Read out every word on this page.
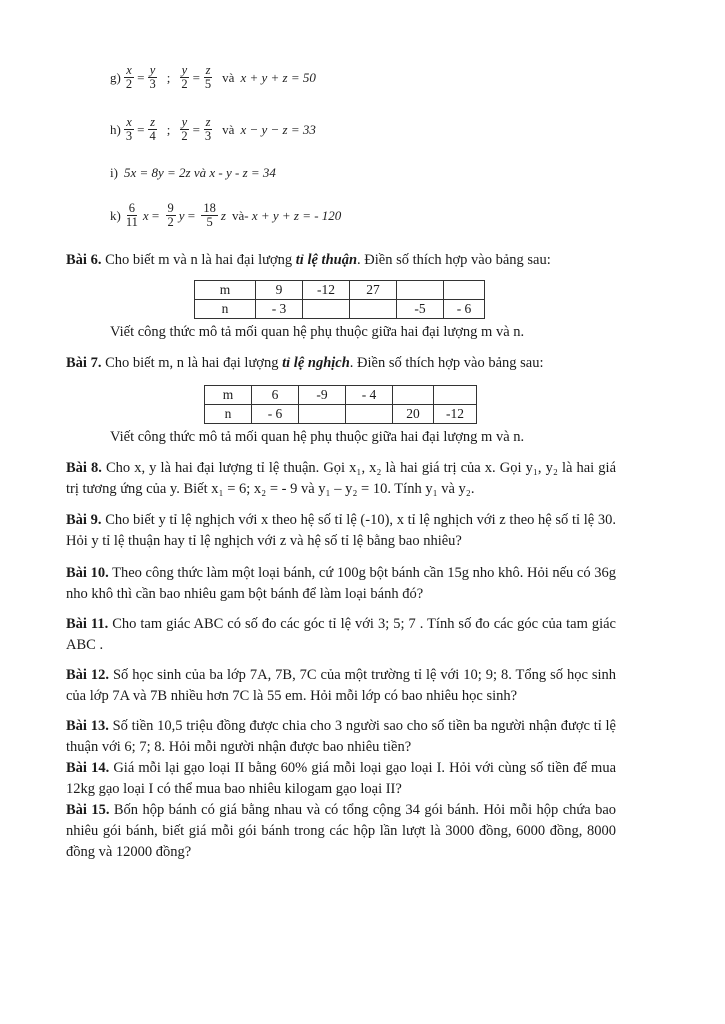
$g) \frac{x}{2} = \frac{y}{3}$ ; $\frac{y}{2} = \frac{z}{5}$ và x + y + z = 50
$h) \frac{x}{3} = \frac{z}{4}$ ; $\frac{y}{2} = \frac{z}{3}$ và x − y − z = 33
i) 5x = 8y = 2z và x - y - z = 34
$k) \frac{6}{11}$ $x = \frac{9}{2}$ $y = \frac{18}{5}$ z và - x + y + z = - 120
Bài 6. Cho biết m và n là hai đại lượng tỉ lệ thuận. Điền số thích hợp vào bảng sau:
m	9	-12	27		
n	- 3			-5	- 6
Viết công thức mô tả mối quan hệ phụ thuộc giữa hai đại lượng m và n.
Bài 7. Cho biết m, n là hai đại lượng tỉ lệ nghịch. Điền số thích hợp vào bảng sau:
m	6	-9	- 4		
n	- 6			20	-12
Viết công thức mô tả mối quan hệ phụ thuộc giữa hai đại lượng m và n.
Bài 8. Cho x, y là hai đại lượng tỉ lệ thuận. Gọi x₁, x₂ là hai giá trị của x. Gọi y₁, y₂ là hai giá trị tương ứng của y. Biết x₁ = 6; x₂ = - 9 và y₁ – y₂ = 10. Tính y₁ và y₂.
Bài 9. Cho biết y tỉ lệ nghịch với x theo hệ số tỉ lệ (-10), x tỉ lệ nghịch với z theo hệ số tỉ lệ 30. Hỏi y tỉ lệ thuận hay tỉ lệ nghịch với z và hệ số tỉ lệ bằng bao nhiêu?
Bài 10. Theo công thức làm một loại bánh, cứ 100g bột bánh cần 15g nho khô. Hỏi nếu có 36g nho khô thì cần bao nhiêu gam bột bánh để làm loại bánh đó?
Bài 11. Cho tam giác ABC có số đo các góc tỉ lệ với 3; 5; 7 . Tính số đo các góc của tam giác ABC .
Bài 12. Số học sinh của ba lớp 7A, 7B, 7C của một trường tỉ lệ với 10; 9; 8. Tổng số học sinh của lớp 7A và 7B nhiều hơn 7C là 55 em. Hỏi mỗi lớp có bao nhiêu học sinh?
Bài 13. Số tiền 10,5 triệu đồng được chia cho 3 người sao cho số tiền ba người nhận được tỉ lệ thuận với 6; 7; 8. Hỏi mỗi người nhận được bao nhiêu tiền?
Bài 14. Giá mỗi lại gạo loại II bằng 60% giá mỗi loại gạo loại I. Hỏi với cùng số tiền để mua 12kg gạo loại I có thể mua bao nhiêu kilogam gạo loại II?
Bài 15. Bốn hộp bánh có giá bằng nhau và có tổng cộng 34 gói bánh. Hỏi mỗi hộp chứa bao nhiêu gói bánh, biết giá mỗi gói bánh trong các hộp lần lượt là 3000 đồng, 6000 đồng, 8000 đồng và 12000 đồng?
